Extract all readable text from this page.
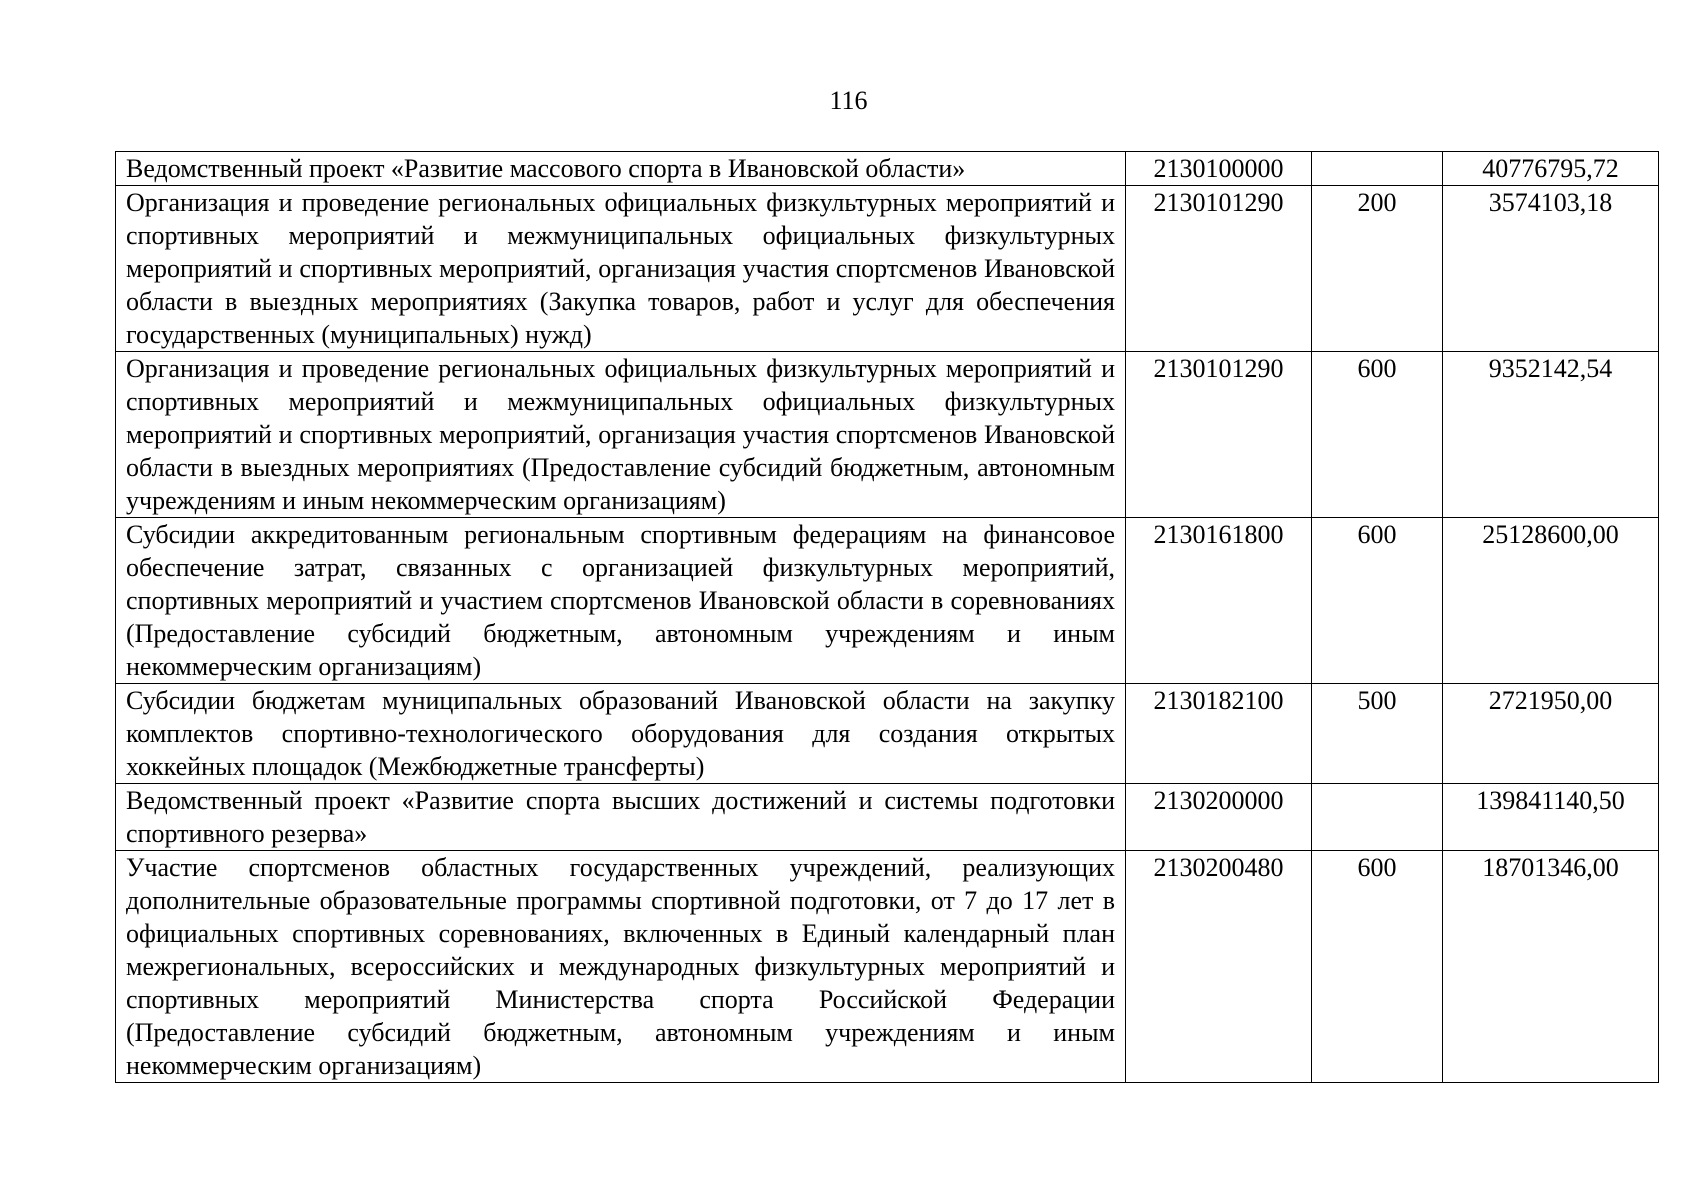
116
Ведомственный проект «Развитие массового спорта в Ивановской области»	2130100000		40776795,72
Организация и проведение региональных официальных физкультурных мероприятий и спортивных мероприятий и межмуниципальных официальных физкультурных мероприятий и спортивных мероприятий, организация участия спортсменов Ивановской области в выездных мероприятиях (Закупка товаров, работ и услуг для обеспечения государственных (муниципальных) нужд)	2130101290	200	3574103,18
Организация и проведение региональных официальных физкультурных мероприятий и спортивных мероприятий и межмуниципальных официальных физкультурных мероприятий и спортивных мероприятий, организация участия спортсменов Ивановской области в выездных мероприятиях (Предоставление субсидий бюджетным, автономным учреждениям и иным некоммерческим организациям)	2130101290	600	9352142,54
Субсидии аккредитованным региональным спортивным федерациям на финансовое обеспечение затрат, связанных с организацией физкультурных мероприятий, спортивных мероприятий и участием спортсменов Ивановской области в соревнованиях (Предоставление субсидий бюджетным, автономным учреждениям и иным некоммерческим организациям)	2130161800	600	25128600,00
Субсидии бюджетам муниципальных образований Ивановской области на закупку комплектов спортивно-технологического оборудования для создания открытых хоккейных площадок (Межбюджетные трансферты)	2130182100	500	2721950,00
Ведомственный проект «Развитие спорта высших достижений и системы подготовки спортивного резерва»	2130200000		139841140,50
Участие спортсменов областных государственных учреждений, реализующих дополнительные образовательные программы спортивной подготовки, от 7 до 17 лет в официальных спортивных соревнованиях, включенных в Единый календарный план межрегиональных, всероссийских и международных физкультурных мероприятий и спортивных мероприятий Министерства спорта Российской Федерации (Предоставление субсидий бюджетным, автономным учреждениям и иным некоммерческим организациям)	2130200480	600	18701346,00
